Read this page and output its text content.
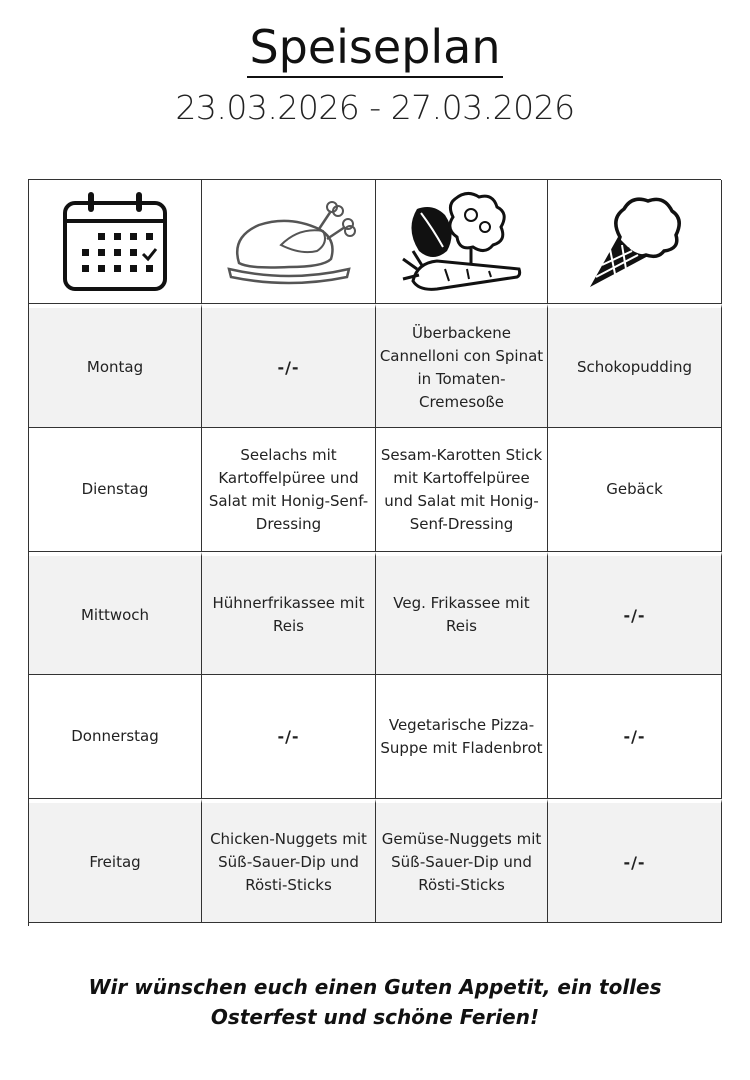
Speiseplan
23.03.2026 - 27.03.2026
Montag	-/-
Überbackene Cannelloni con Spinat in Tomaten-Cremesoße
Schokopudding
Dienstag
Seelachs mit Kartoffelpüree und Salat mit Honig-Senf-Dressing
Sesam-Karotten Stick mit Kartoffelpüree und Salat mit Honig-Senf-Dressing
Gebäck
Mittwoch
Hühnerfrikassee mit Reis
Veg. Frikassee mit Reis
-/-
Donnerstag	-/-
Vegetarische Pizza-Suppe mit Fladenbrot
-/-
Freitag
Chicken-Nuggets mit Süß-Sauer-Dip und Rösti-Sticks
Gemüse-Nuggets mit Süß-Sauer-Dip und Rösti-Sticks
-/-
Wir wünschen euch einen Guten Appetit, ein tolles Osterfest und schöne Ferien!
